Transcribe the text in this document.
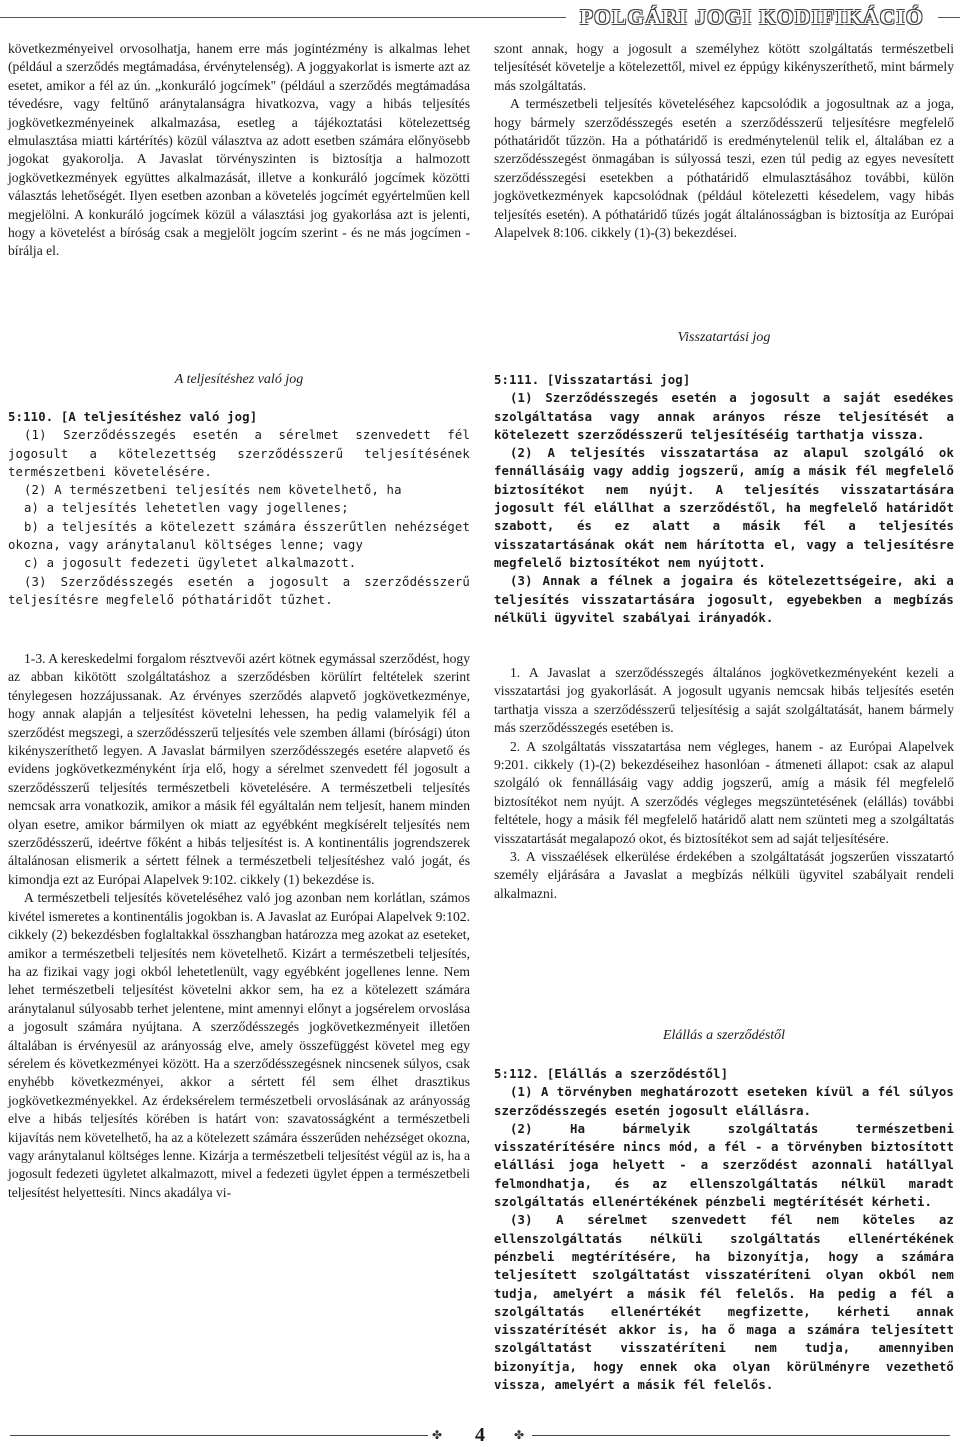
POLGÁRI JOGI KODIFIKÁCIÓ

következményeivel orvosolhatja, hanem erre más jogintézmény is alkalmas lehet (például a szerződés megtámadása, érvénytelenség). A joggyakorlat is ismerte azt az esetet, amikor a fél az ún. „konkuráló jogcímek" (például a szerződés megtámadása tévedésre, vagy feltűnő aránytalanságra hivatkozva, vagy a hibás teljesítés jogkövetkezményeinek alkalmazása, esetleg a tájékoztatási kötelezettség elmulasztása miatti kártérítés) közül választva az adott esetben számára előnyösebb jogokat gyakorolja. A Javaslat törvényszinten is biztosítja a halmozott jogkövetkezmények együttes alkalmazását, illetve a konkuráló jogcímek közötti választás lehetőségét. Ilyen esetben azonban a követelés jogcímét egyértelműen kell megjelölni. A konkuráló jogcímek közül a választási jog gyakorlása azt is jelenti, hogy a követelést a bíróság csak a megjelölt jogcím szerint - és ne más jogcímen - bírálja el.

A teljesítéshez való jog

5:110. [A teljesítéshez való jog]

(1) Szerződésszegés esetén a sérelmet szenvedett fél jogosult a kötelezettség szerződésszerű teljesítésének természetbeni követelésére.

(2) A természetbeni teljesítés nem követelhető, ha

a) a teljesítés lehetetlen vagy jogellenes;

b) a teljesítés a kötelezett számára ésszerűtlen nehézséget okozna, vagy aránytalanul költséges lenne; vagy

c) a jogosult fedezeti ügyletet alkalmazott.

(3) Szerződésszegés esetén a jogosult a szerződésszerű teljesítésre megfelelő póthatáridőt tűzhet.

1-3. A kereskedelmi forgalom résztvevői azért kötnek egymással szerződést, hogy az abban kikötött szolgáltatáshoz a szerződésben körülírt feltételek szerint ténylegesen hozzájussanak. Az érvényes szerződés alapvető jogkövetkezménye, hogy annak alapján a teljesítést követelni lehessen, ha pedig valamelyik fél a szerződést megszegi, a szerződésszerű teljesítés vele szemben állami (bírósági) úton kikényszeríthető legyen. A Javaslat bármilyen szerződésszegés esetére alapvető és evidens jogkövetkezményként írja elő, hogy a sérelmet szenvedett fél jogosult a szerződésszerű teljesítés természetbeli követelésére. A természetbeli teljesítés nemcsak arra vonatkozik, amikor a másik fél egyáltalán nem teljesít, hanem minden olyan esetre, amikor bármilyen ok miatt az egyébként megkísérelt teljesítés nem szerződésszerű, ideértve főként a hibás teljesítést is. A kontinentális jogrendszerek általánosan elismerik a sértett félnek a természetbeli teljesítéshez való jogát, és kimondja ezt az Európai Alapelvek 9:102. cikkely (1) bekezdése is.

A természetbeli teljesítés követeléséhez való jog azonban nem korlátlan, számos kivétel ismeretes a kontinentális jogokban is. A Javaslat az Európai Alapelvek 9:102. cikkely (2) bekezdésben foglaltakkal összhangban határozza meg azokat az eseteket, amikor a természetbeli teljesítés nem követelhető. Kizárt a természetbeli teljesítés, ha az fizikai vagy jogi okból lehetetlenült, vagy egyébként jogellenes lenne. Nem lehet természetbeli teljesítést követelni akkor sem, ha ez a kötelezett számára aránytalanul súlyosabb terhet jelentene, mint amennyi előnyt a jogsérelem orvoslása a jogosult számára nyújtana. A szerződésszegés jogkövetkezményeit illetően általában is érvényesül az arányosság elve, amely összefüggést követel meg egy sérelem és következményei között. Ha a szerződésszegésnek nincsenek súlyos, csak enyhébb következményei, akkor a sértett fél sem élhet drasztikus jogkövetkezményekkel. Az érdeksérelem természetbeli orvoslásának az arányosság elve a hibás teljesítés körében is határt von: szavatosságként a természetbeli kijavítás nem követelhető, ha az a kötelezett számára ésszerűden nehézséget okozna, vagy aránytalanul költséges lenne. Kizárja a természetbeli teljesítést végül az is, ha a jogosult fedezeti ügyletet alkalmazott, mivel a fedezeti ügylet éppen a természetbeli teljesítést helyettesíti. Nincs akadálya vi-

szont annak, hogy a jogosult a személyhez kötött szolgáltatás természetbeli teljesítését követelje a kötelezettől, mivel ez éppúgy kikényszeríthető, mint bármely más szolgáltatás.

A természetbeli teljesítés követeléséhez kapcsolódik a jogosultnak az a joga, hogy bármely szerződésszegés esetén a szerződésszerű teljesítésre megfelelő póthatáridőt tűzzön. Ha a póthatáridő is eredménytelenül telik el, általában ez a szerződésszegést önmagában is súlyossá teszi, ezen túl pedig az egyes nevesített szerződésszegési esetekben a póthatáridő elmulasztásához további, külön jogkövetkezmények kapcsolódnak (például kötelezetti késedelem, vagy hibás teljesítés esetén). A póthatáridő tűzés jogát általánosságban is biztosítja az Európai Alapelvek 8:106. cikkely (1)-(3) bekezdései.

Visszatartási jog

5:111. [Visszatartási jog]

(1) Szerződésszegés esetén a jogosult a saját esedékes szolgáltatása vagy annak arányos része teljesítését a kötelezett szerződésszerű teljesítéséig tarthatja vissza.

(2) A teljesítés visszatartása az alapul szolgáló ok fennállásáig vagy addig jogszerű, amíg a másik fél megfelelő biztosítékot nem nyújt. A teljesítés visszatartására jogosult fél elállhat a szerződéstől, ha megfelelő határidőt szabott, és ez alatt a másik fél a teljesítés visszatartásának okát nem hárította el, vagy a teljesítésre megfelelő biztosítékot nem nyújtott.

(3) Annak a félnek a jogaira és kötelezettségeire, aki a teljesítés visszatartására jogosult, egyebekben a megbízás nélküli ügyvitel szabályai irányadók.

1. A Javaslat a szerződésszegés általános jogkövetkezményeként kezeli a visszatartási jog gyakorlását. A jogosult ugyanis nemcsak hibás teljesítés esetén tarthatja vissza a szerződésszerű teljesítésig a saját szolgáltatását, hanem bármely más szerződésszegés esetében is.

2. A szolgáltatás visszatartása nem végleges, hanem - az Európai Alapelvek 9:201. cikkely (1)-(2) bekezdéseihez hasonlóan - átmeneti állapot: csak az alapul szolgáló ok fennállásáig vagy addig jogszerű, amíg a másik fél megfelelő biztosítékot nem nyújt. A szerződés végleges megszüntetésének (elállás) további feltétele, hogy a másik fél megfelelő határidő alatt nem szünteti meg a szolgáltatás visszatartását megalapozó okot, és biztosítékot sem ad saját teljesítésére.

3. A visszaélések elkerülése érdekében a szolgáltatását jogszerűen visszatartó személy eljárására a Javaslat a megbízás nélküli ügyvitel szabályait rendeli alkalmazni.

Elállás a szerződéstől

5:112. [Elállás a szerződéstől]

(1) A törvényben meghatározott eseteken kívül a fél súlyos szerződésszegés esetén jogosult elállásra.

(2) Ha bármelyik szolgáltatás természetbeni visszatérítésére nincs mód, a fél - a törvényben biztosított elállási joga helyett - a szerződést azonnali hatállyal felmondhatja, és az ellenszolgáltatás nélkül maradt szolgáltatás ellenértékének pénzbeli megtérítését kérheti.

(3) A sérelmet szenvedett fél nem köteles az ellenszolgáltatás nélküli szolgáltatás ellenértékének pénzbeli megtérítésére, ha bizonyítja, hogy a számára teljesített szolgáltatást visszatéríteni olyan okból nem tudja, amelyért a másik fél felelős. Ha pedig a fél a szolgáltatás ellenértékét megfizette, kérheti annak visszatérítését akkor is, ha ő maga a számára teljesített szolgáltatást visszatéríteni nem tudja, amennyiben bizonyítja, hogy ennek oka olyan körülményre vezethető vissza, amelyért a másik fél felelős.

✤	4	✤
